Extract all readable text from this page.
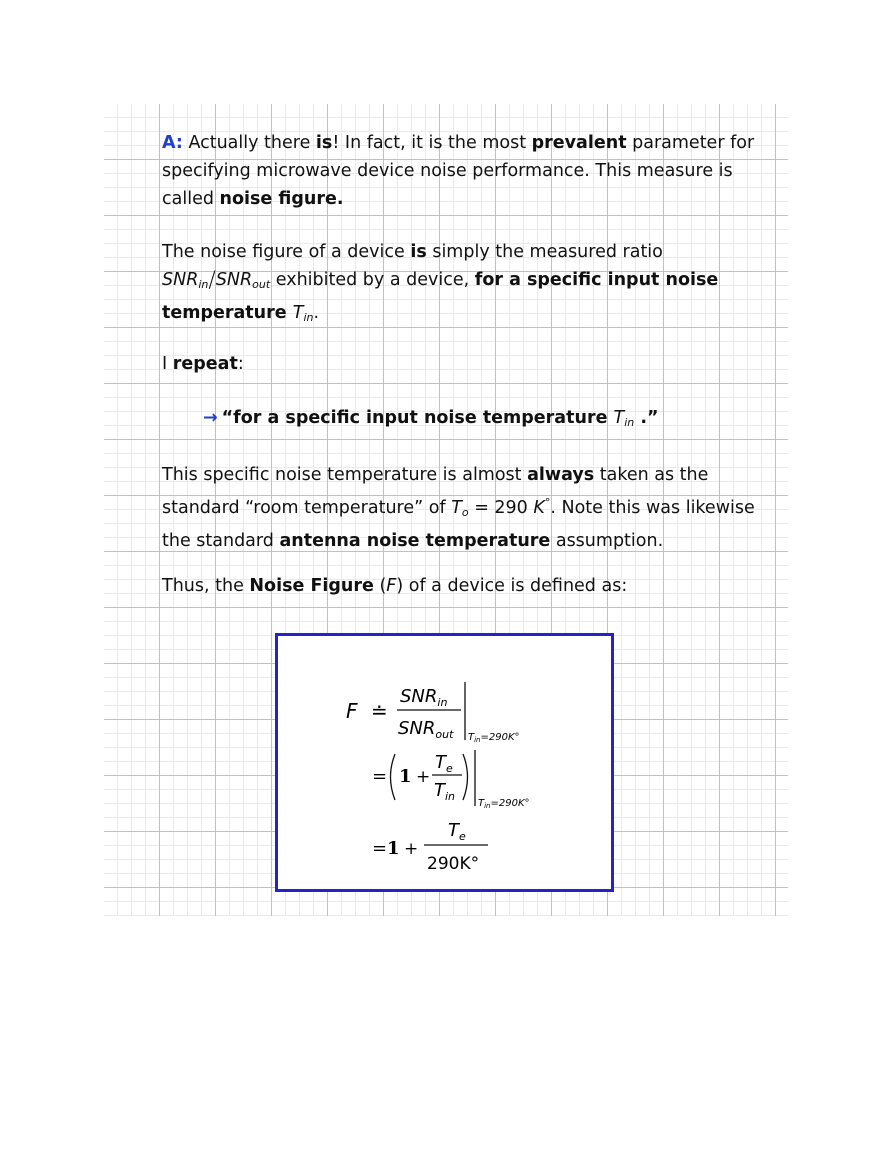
A: Actually there is! In fact, it is the most prevalent parameter for specifying microwave device noise performance. This measure is called noise figure.

The noise figure of a device is simply the measured ratio
$SNR_{in}/SNR_{out}$ exhibited by a device, for a specific input noise temperature $T_{in}$.

I repeat:

→ “for a specific input noise temperature $T_{in}$ .”

This specific noise temperature is almost always taken as the standard “room temperature” of $T_o = 290$ K°. Note this was likewise the standard antenna noise temperature assumption.

Thus, the Noise Figure (F) of a device is defined as:

F ≐
$SNR_{in}$
$SNR_{out}$ $T_{in}=290K^\circ$
= 1 +
$T_e$
$T_{in}$
$T_{in}=290K^\circ$
= 1 +
$T_e$
290K°
